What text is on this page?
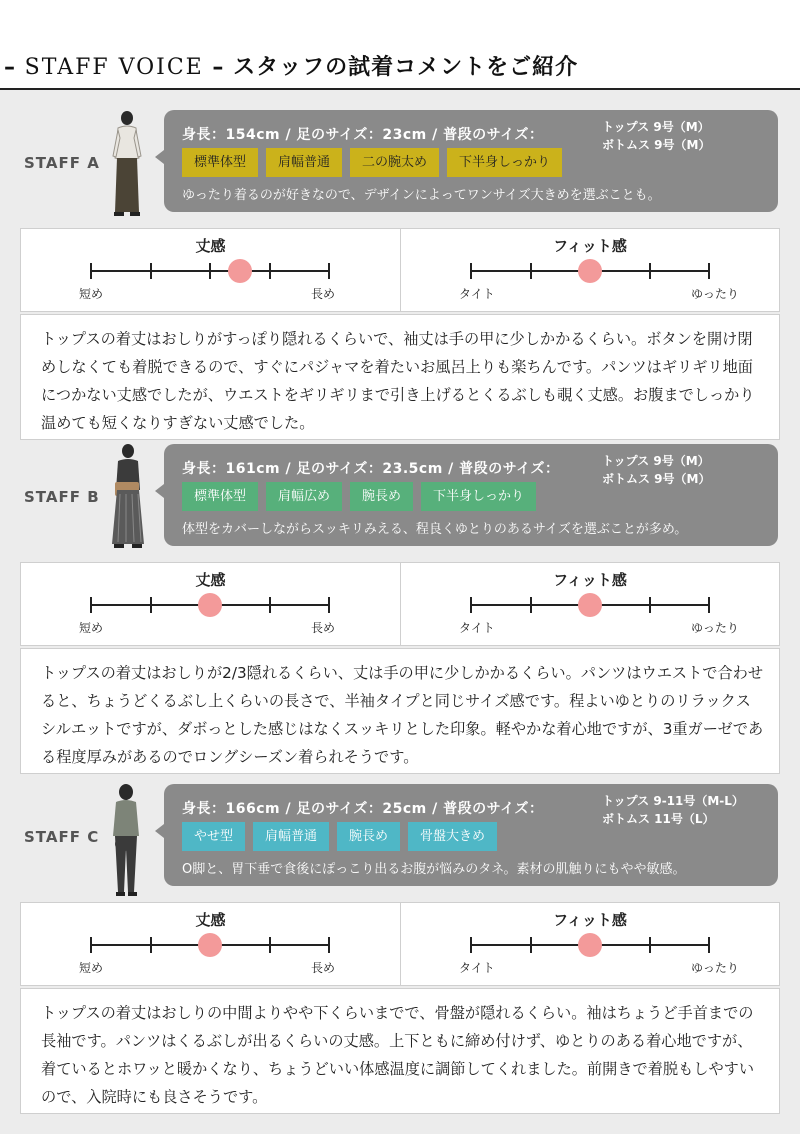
– STAFF VOICE – スタッフの試着コメントをご紹介
STAFF A
身長：154cm / 足のサイズ：23cm / 普段のサイズ：	トップス 9号（M）
ボトムス 9号（M）
標準体型	肩幅普通	二の腕太め	下半身しっかり
ゆったり着るのが好きなので、デザインによってワンサイズ大きめを選ぶことも。
丈感
短め	長め
フィット感
タイト	ゆったり
トップスの着丈はおしりがすっぽり隠れるくらいで、袖丈は手の甲に少しかかるくらい。ボタンを開け閉めしなくても着脱できるので、すぐにパジャマを着たいお風呂上りも楽ちんです。パンツはギリギリ地面につかない丈感でしたが、ウエストをギリギリまで引き上げるとくるぶしも覗く丈感。お腹までしっかり温めても短くなりすぎない丈感でした。
STAFF B
身長：161cm / 足のサイズ：23.5cm / 普段のサイズ：	トップス 9号（M）
ボトムス 9号（M）
標準体型	肩幅広め	腕長め	下半身しっかり
体型をカバーしながらスッキリみえる、程良くゆとりのあるサイズを選ぶことが多め。
丈感
短め	長め
フィット感
タイト	ゆったり
トップスの着丈はおしりが2/3隠れるくらい、丈は手の甲に少しかかるくらい。パンツはウエストで合わせると、ちょうどくるぶし上くらいの長さで、半袖タイプと同じサイズ感です。程よいゆとりのリラックスシルエットですが、ダボっとした感じはなくスッキリとした印象。軽やかな着心地ですが、3重ガーゼである程度厚みがあるのでロングシーズン着られそうです。
STAFF C
身長：166cm / 足のサイズ：25cm / 普段のサイズ：	トップス 9-11号（M-L）
ボトムス 11号（L）
やせ型	肩幅普通	腕長め	骨盤大きめ
O脚と、胃下垂で食後にぽっこり出るお腹が悩みのタネ。素材の肌触りにもやや敏感。
丈感
短め	長め
フィット感
タイト	ゆったり
トップスの着丈はおしりの中間よりやや下くらいまでで、骨盤が隠れるくらい。袖はちょうど手首までの長袖です。パンツはくるぶしが出るくらいの丈感。上下ともに締め付けず、ゆとりのある着心地ですが、着ているとホワッと暖かくなり、ちょうどいい体感温度に調節してくれました。前開きで着脱もしやすいので、入院時にも良さそうです。
